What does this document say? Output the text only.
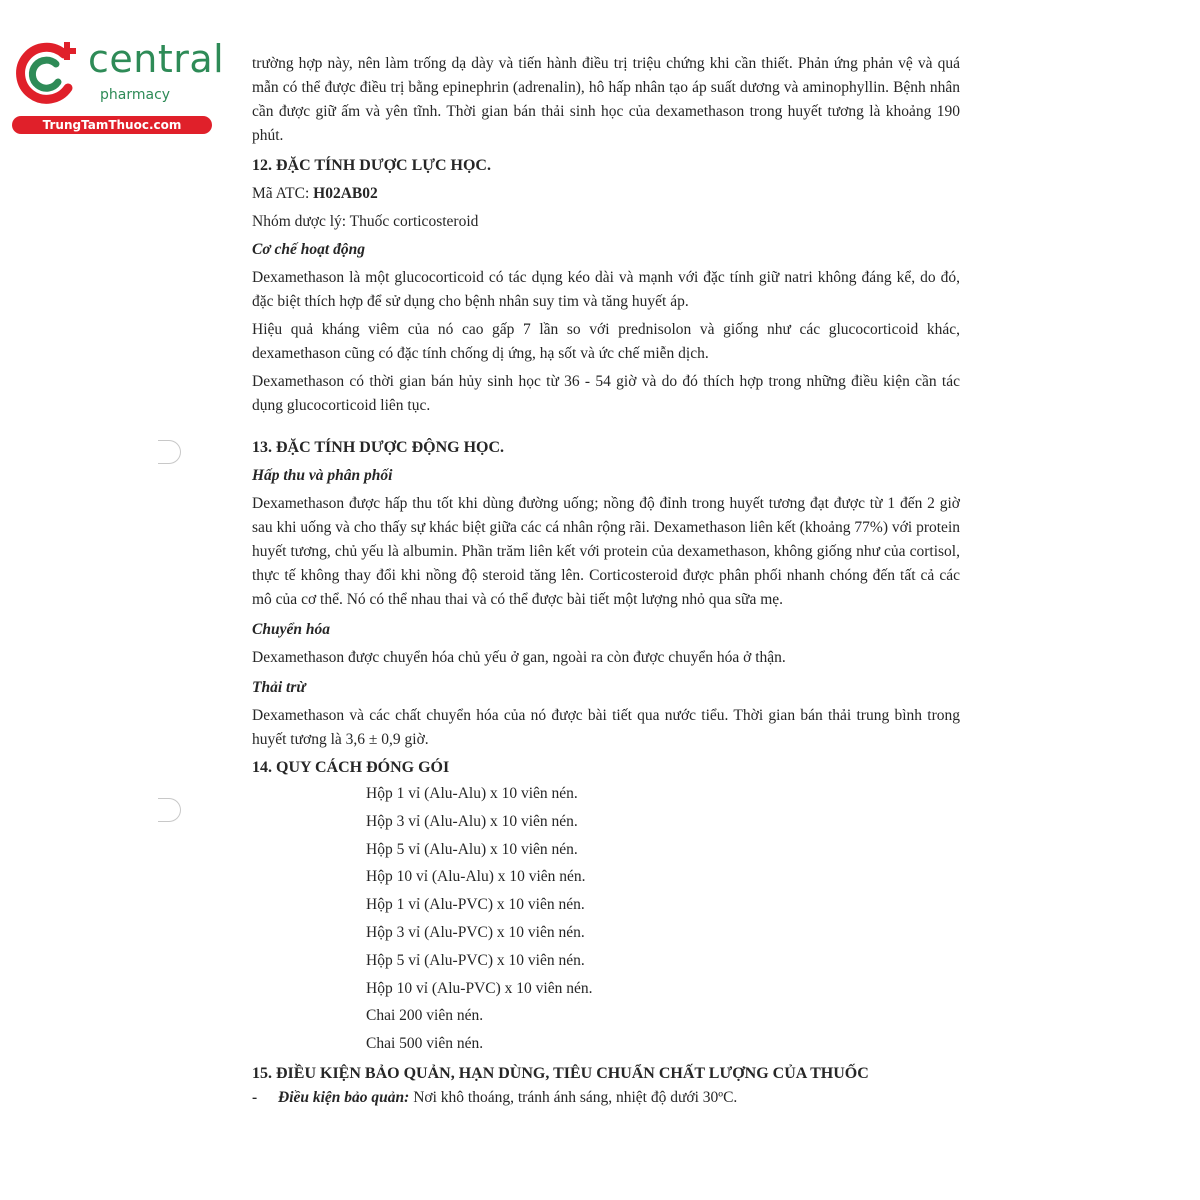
central
pharmacy
TrungTamThuoc.com

trường hợp này, nên làm trống dạ dày và tiến hành điều trị triệu chứng khi cần thiết. Phản ứng phản vệ và quá mẫn có thể được điều trị bằng epinephrin (adrenalin), hô hấp nhân tạo áp suất dương và aminophyllin. Bệnh nhân cần được giữ ấm và yên tĩnh. Thời gian bán thải sinh học của dexamethason trong huyết tương là khoảng 190 phút.

12. ĐẶC TÍNH DƯỢC LỰC HỌC.

Mã ATC: H02AB02

Nhóm dược lý: Thuốc corticosteroid

Cơ chế hoạt động

Dexamethason là một glucocorticoid có tác dụng kéo dài và mạnh với đặc tính giữ natri không đáng kể, do đó, đặc biệt thích hợp để sử dụng cho bệnh nhân suy tim và tăng huyết áp.

Hiệu quả kháng viêm của nó cao gấp 7 lần so với prednisolon và giống như các glucocorticoid khác, dexamethason cũng có đặc tính chống dị ứng, hạ sốt và ức chế miễn dịch.

Dexamethason có thời gian bán hủy sinh học từ 36 - 54 giờ và do đó thích hợp trong những điều kiện cần tác dụng glucocorticoid liên tục.

13. ĐẶC TÍNH DƯỢC ĐỘNG HỌC.

Hấp thu và phân phối

Dexamethason được hấp thu tốt khi dùng đường uống; nồng độ đỉnh trong huyết tương đạt được từ 1 đến 2 giờ sau khi uống và cho thấy sự khác biệt giữa các cá nhân rộng rãi. Dexamethason liên kết (khoảng 77%) với protein huyết tương, chủ yếu là albumin. Phần trăm liên kết với protein của dexamethason, không giống như của cortisol, thực tế không thay đổi khi nồng độ steroid tăng lên. Corticosteroid được phân phối nhanh chóng đến tất cả các mô của cơ thể. Nó có thể nhau thai và có thể được bài tiết một lượng nhỏ qua sữa mẹ.

Chuyển hóa

Dexamethason được chuyển hóa chủ yếu ở gan, ngoài ra còn được chuyển hóa ở thận.

Thải trừ

Dexamethason và các chất chuyển hóa của nó được bài tiết qua nước tiểu. Thời gian bán thải trung bình trong huyết tương là 3,6 ± 0,9 giờ.

14. QUY CÁCH ĐÓNG GÓI

Hộp 1 vỉ (Alu-Alu) x 10 viên nén.
Hộp 3 vỉ (Alu-Alu) x 10 viên nén.
Hộp 5 vỉ (Alu-Alu) x 10 viên nén.
Hộp 10 vỉ (Alu-Alu) x 10 viên nén.
Hộp 1 vỉ (Alu-PVC) x 10 viên nén.
Hộp 3 vỉ (Alu-PVC) x 10 viên nén.
Hộp 5 vỉ (Alu-PVC) x 10 viên nén.
Hộp 10 vỉ (Alu-PVC) x 10 viên nén.
Chai 200 viên nén.
Chai 500 viên nén.

15. ĐIỀU KIỆN BẢO QUẢN, HẠN DÙNG, TIÊU CHUẨN CHẤT LƯỢNG CỦA THUỐC

- Điều kiện bảo quản: Nơi khô thoáng, tránh ánh sáng, nhiệt độ dưới 30ºC.
